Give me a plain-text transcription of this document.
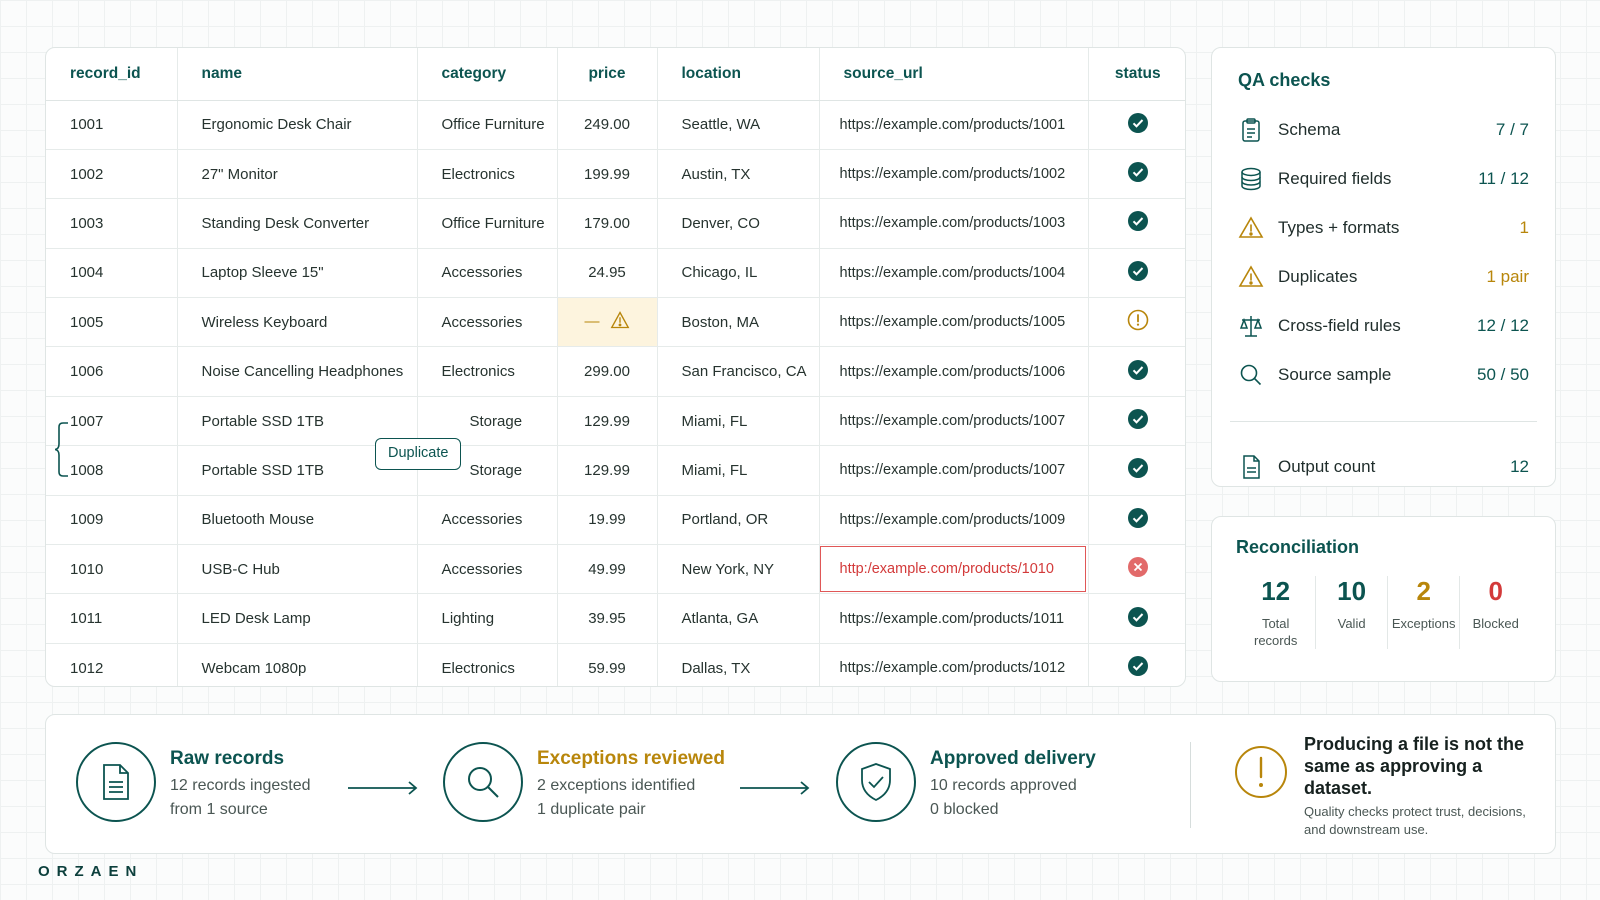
record_id	name	category	price	location	source_url	status
1001	Ergonomic Desk Chair	Office Furniture	249.00	Seattle, WA	https://example.com/products/1001	
1002	27" Monitor	Electronics	199.99	Austin, TX	https://example.com/products/1002	
1003	Standing Desk Converter	Office Furniture	179.00	Denver, CO	https://example.com/products/1003	
1004	Laptop Sleeve 15"	Accessories	24.95	Chicago, IL	https://example.com/products/1004	
1005	Wireless Keyboard	Accessories	—	Boston, MA	https://example.com/products/1005	
1006	Noise Cancelling Headphones	Electronics	299.00	San Francisco, CA	https://example.com/products/1006	
1007	Portable SSD 1TB	Storage	129.99	Miami, FL	https://example.com/products/1007	
1008	Portable SSD 1TB	Storage	129.99	Miami, FL	https://example.com/products/1007	
1009	Bluetooth Mouse	Accessories	19.99	Portland, OR	https://example.com/products/1009	
1010	USB-C Hub	Accessories	49.99	New York, NY	http:/example.com/products/1010	
1011	LED Desk Lamp	Lighting	39.95	Atlanta, GA	https://example.com/products/1011	
1012	Webcam 1080p	Electronics	59.99	Dallas, TX	https://example.com/products/1012	
Duplicate
QA checks
Schema	7 / 7
Required fields	11 / 12
Types + formats	1
Duplicates	1 pair
Cross-field rules	12 / 12
Source sample	50 / 50
Output count	12
Reconciliation
12
Total records
10
Valid
2
Exceptions
0
Blocked
Raw records
12 records ingested
from 1 source
Exceptions reviewed
2 exceptions identified
1 duplicate pair
Approved delivery
10 records approved
0 blocked
Producing a file is not the same as approving a dataset.
Quality checks protect trust, decisions, and downstream use.
ORZAEN
